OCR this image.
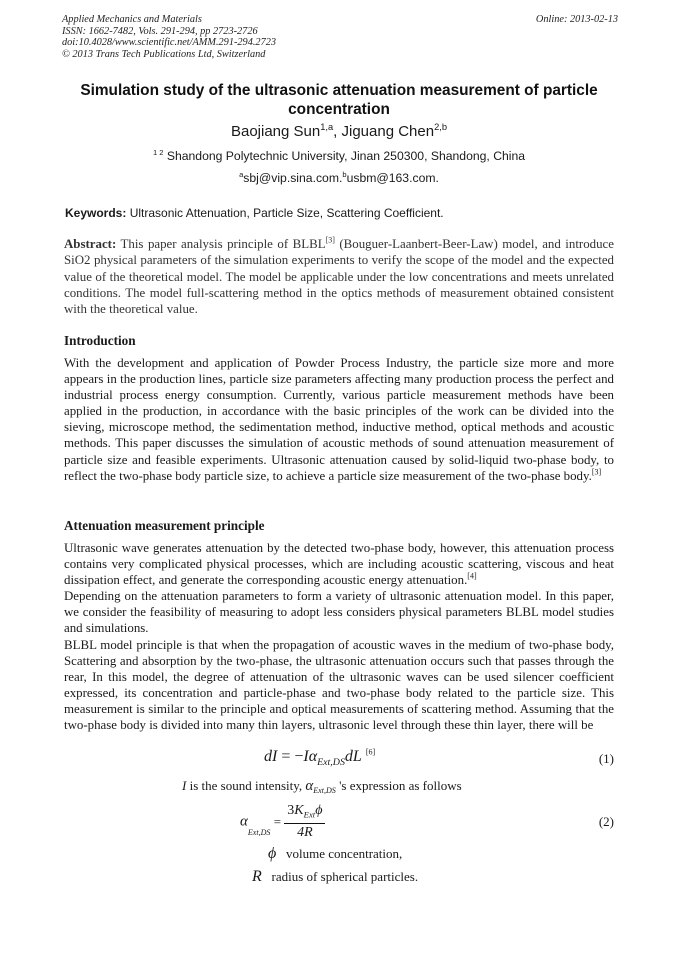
Applied Mechanics and Materials
ISSN: 1662-7482, Vols. 291-294, pp 2723-2726
doi:10.4028/www.scientific.net/AMM.291-294.2723
© 2013 Trans Tech Publications Ltd, Switzerland
Online: 2013-02-13
Simulation study of the ultrasonic attenuation measurement of particle concentration
Baojiang Sun$^{1,a}$, Jiguang Chen$^{2,b}$
$^{1 2}$ Shandong Polytechnic University, Jinan 250300, Shandong, China
$^a$sbj@vip.sina.com.$^b$usbm@163.com.
Keywords: Ultrasonic Attenuation, Particle Size, Scattering Coefficient.
Abstract: This paper analysis principle of BLBL[3] (Bouguer-Laanbert-Beer-Law) model, and introduce SiO2 physical parameters of the simulation experiments to verify the scope of the model and the expected value of the theoretical model. The model be applicable under the low concentrations and meets unrelated conditions. The model full-scattering method in the optics methods of measurement obtained consistent with the theoretical value.
Introduction
With the development and application of Powder Process Industry, the particle size more and more appears in the production lines, particle size parameters affecting many production process the perfect and industrial process energy consumption. Currently, various particle measurement methods have been applied in the production, in accordance with the basic principles of the work can be divided into the sieving, microscope method, the sedimentation method, inductive method, optical methods and acoustic methods. This paper discusses the simulation of acoustic methods of sound attenuation measurement of particle size and feasible experiments. Ultrasonic attenuation caused by solid-liquid two-phase body, to reflect the two-phase body particle size, to achieve a particle size measurement of the two-phase body.[3]
Attenuation measurement principle
Ultrasonic wave generates attenuation by the detected two-phase body, however, this attenuation process contains very complicated physical processes, which are including acoustic scattering, viscous and heat dissipation effect, and generate the corresponding acoustic energy attenuation.[4]
Depending on the attenuation parameters to form a variety of ultrasonic attenuation model. In this paper, we consider the feasibility of measuring to adopt less considers physical parameters BLBL model studies and simulations.
BLBL model principle is that when the propagation of acoustic waves in the medium of two-phase body, Scattering and absorption by the two-phase, the ultrasonic attenuation occurs such that passes through the rear, In this model, the degree of attenuation of the ultrasonic waves can be used silencer coefficient expressed, its concentration and particle-phase and two-phase body related to the particle size. This measurement is similar to the principle and optical measurements of scattering method. Assuming that the two-phase body is divided into many thin layers, ultrasonic level through these thin layer, there will be
dI = $-I\alpha_{Ext,DS}dL$ [6]	(1)
I is the sound intensity, $\alpha_{Ext,DS}$ 's expression as follows
$\alpha_{Ext,DS} = \frac{3K_{Ext}\phi}{4R}$	(2)
ϕ volume concentration,
R radius of spherical particles.
